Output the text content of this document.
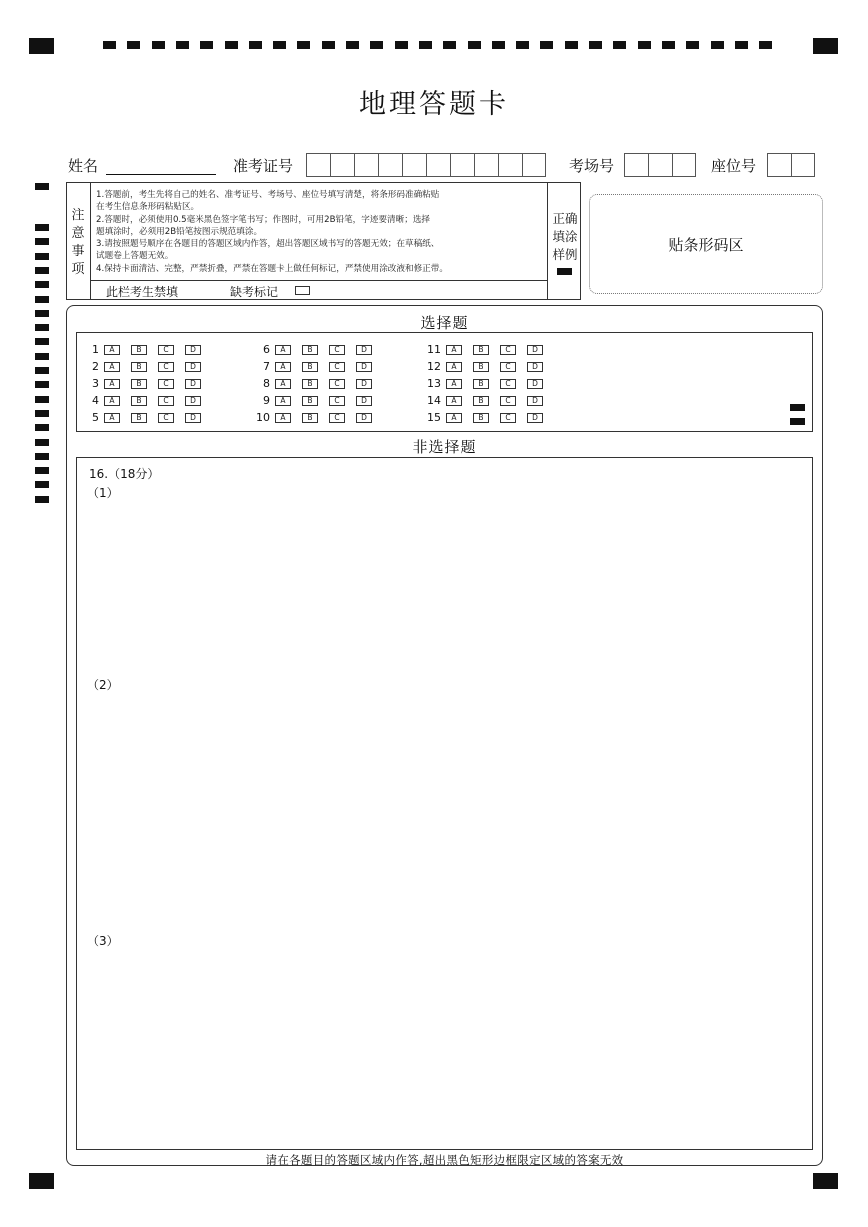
地理答题卡
姓名	准考证号	考场号	座位号
注
意
事
项
1.答题前，考生先将自己的姓名、准考证号、考场号、座位号填写清楚，将条形码准确粘贴
在考生信息条形码粘贴区。
2.答题时，必须使用0.5毫米黑色签字笔书写；作图时，可用2B铅笔，字迹要清晰；选择
题填涂时，必须用2B铅笔按图示规范填涂。
3.请按照题号顺序在各题目的答题区域内作答，超出答题区域书写的答题无效；在草稿纸、
试题卷上答题无效。
4.保持卡面清洁、完整，严禁折叠，严禁在答题卡上做任何标记，严禁使用涂改液和修正带。
正确
填涂
样例
此栏考生禁填	缺考标记
贴条形码区
选择题
1	A	B	C	D
2	A	B	C	D
3	A	B	C	D
4	A	B	C	D
5	A	B	C	D
6	A	B	C	D
7	A	B	C	D
8	A	B	C	D
9	A	B	C	D
10	A	B	C	D
11	A	B	C	D
12	A	B	C	D
13	A	B	C	D
14	A	B	C	D
15	A	B	C	D
非选择题
16.（18分）
（1）
（2）
（3）
请在各题目的答题区域内作答,超出黑色矩形边框限定区域的答案无效
